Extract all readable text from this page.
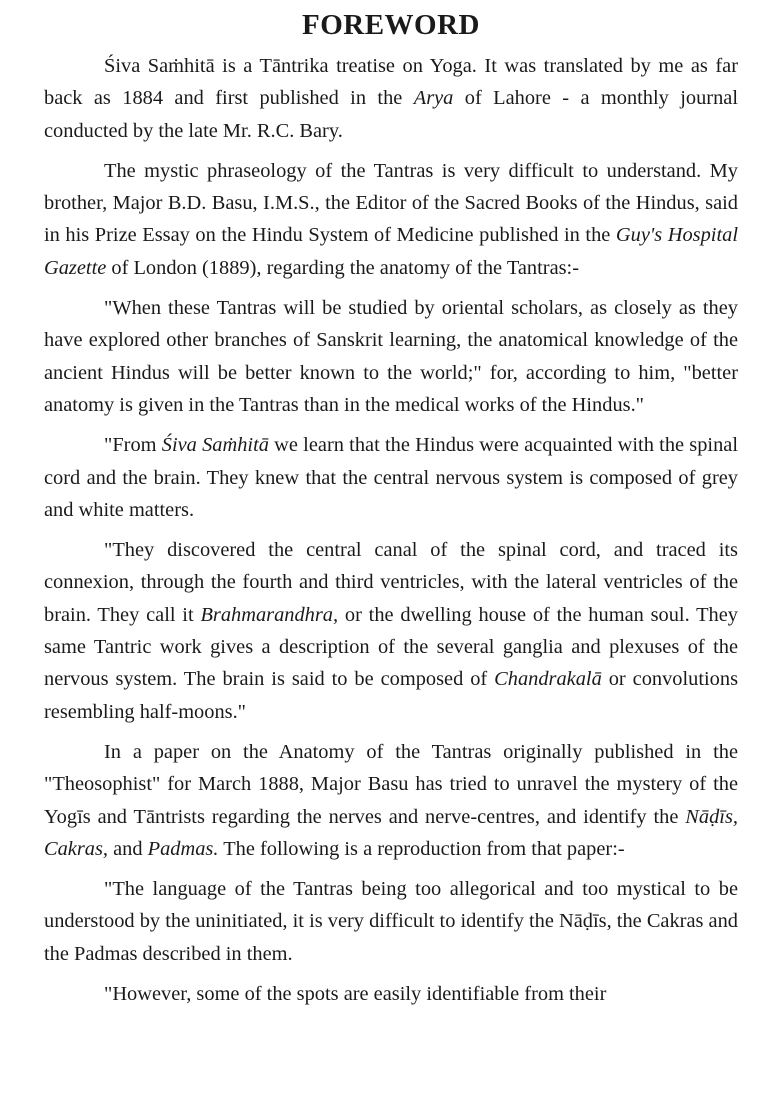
FOREWORD

Śiva Saṁhitā is a Tāntrika treatise on Yoga. It was translated by me as far back as 1884 and first published in the Arya of Lahore - a monthly journal conducted by the late Mr. R.C. Bary.

The mystic phraseology of the Tantras is very difficult to understand. My brother, Major B.D. Basu, I.M.S., the Editor of the Sacred Books of the Hindus, said in his Prize Essay on the Hindu System of Medicine published in the Guy's Hospital Gazette of London (1889), regarding the anatomy of the Tantras:-

"When these Tantras will be studied by oriental scholars, as closely as they have explored other branches of Sanskrit learning, the anatomical knowledge of the ancient Hindus will be better known to the world;" for, according to him, "better anatomy is given in the Tantras than in the medical works of the Hindus."

"From Śiva Saṁhitā we learn that the Hindus were acquainted with the spinal cord and the brain. They knew that the central nervous system is composed of grey and white matters.

"They discovered the central canal of the spinal cord, and traced its connexion, through the fourth and third ventricles, with the lateral ventricles of the brain. They call it Brahmarandhra, or the dwelling house of the human soul. They same Tantric work gives a description of the several ganglia and plexuses of the nervous system. The brain is said to be composed of Chandrakalā or convolutions resembling half-moons."

In a paper on the Anatomy of the Tantras originally published in the "Theosophist" for March 1888, Major Basu has tried to unravel the mystery of the Yogīs and Tāntrists regarding the nerves and nerve-centres, and identify the Nāḍīs, Cakras, and Padmas. The following is a reproduction from that paper:-

"The language of the Tantras being too allegorical and too mystical to be understood by the uninitiated, it is very difficult to identify the Nāḍīs, the Cakras and the Padmas described in them.

"However, some of the spots are easily identifiable from their
